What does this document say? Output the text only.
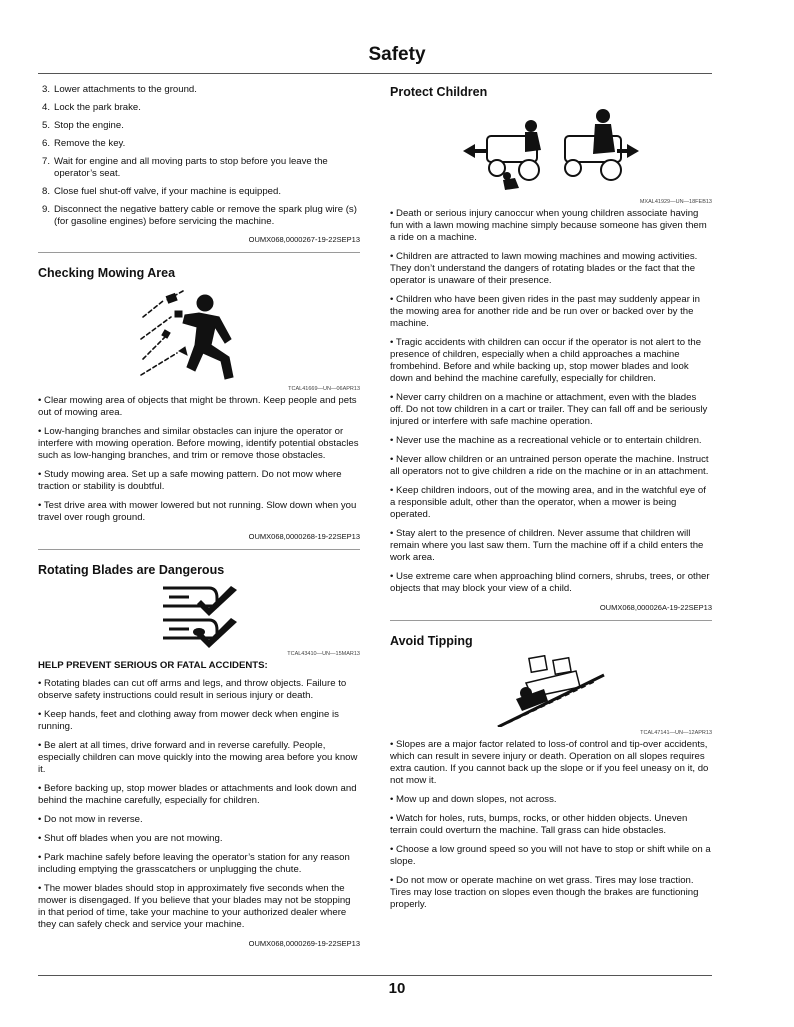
Safety
3. Lower attachments to the ground.
4. Lock the park brake.
5. Stop the engine.
6. Remove the key.
7. Wait for engine and all moving parts to stop before you leave the operator’s seat.
8. Close fuel shut-off valve, if your machine is equipped.
9. Disconnect the negative battery cable or remove the spark plug wire (s) (for gasoline engines) before servicing the machine.
OUMX068,0000267-19-22SEP13
Checking Mowing Area
TCAL41669—UN—06APR13

• Clear mowing area of objects that might be thrown. Keep people and pets out of mowing area.

• Low-hanging branches and similar obstacles can injure the operator or interfere with mowing operation. Before mowing, identify potential obstacles such as low-hanging branches, and trim or remove those obstacles.

• Study mowing area. Set up a safe mowing pattern. Do not mow where traction or stability is doubtful.

• Test drive area with mower lowered but not running. Slow down when you travel over rough ground.

OUMX068,0000268-19-22SEP13
Rotating Blades are Dangerous
TCAL43410—UN—15MAR13
HELP PREVENT SERIOUS OR FATAL ACCIDENTS:

• Rotating blades can cut off arms and legs, and throw objects. Failure to observe safety instructions could result in serious injury or death.

• Keep hands, feet and clothing away from mower deck when engine is running.

• Be alert at all times, drive forward and in reverse carefully. People, especially children can move quickly into the mowing area before you know it.

• Before backing up, stop mower blades or attachments and look down and behind the machine carefully, especially for children.

• Do not mow in reverse.

• Shut off blades when you are not mowing.

• Park machine safely before leaving the operator’s station for any reason including emptying the grasscatchers or unplugging the chute.

• The mower blades should stop in approximately five seconds when the mower is disengaged. If you believe that your blades may not be stopping in that period of time, take your machine to your authorized dealer where they can safely check and service your machine.

OUMX068,0000269-19-22SEP13
Protect Children
MXAL41929—UN—18FEB13

• Death or serious injury canoccur when young children associate having fun with a lawn mowing machine simply because someone has given them a ride on a machine.

• Children are attracted to lawn mowing machines and mowing activities. They don’t understand the dangers of rotating blades or the fact that the operator is unaware of their presence.

• Children who have been given rides in the past may suddenly appear in the mowing area for another ride and be run over or backed over by the machine.

• Tragic accidents with children can occur if the operator is not alert to the presence of children, especially when a child approaches a machine frombehind. Before and while backing up, stop mower blades and look down and behind the machine carefully, especially for children.

• Never carry children on a machine or attachment, even with the blades off. Do not tow children in a cart or trailer. They can fall off and be seriously injured or interfere with safe machine operation.

• Never use the machine as a recreational vehicle or to entertain children.

• Never allow children or an untrained person operate the machine. Instruct all operators not to give children a ride on the machine or in an attachment.

• Keep children indoors, out of the mowing area, and in the watchful eye of a responsible adult, other than the operator, when a mower is being operated.

• Stay alert to the presence of children. Never assume that children will remain where you last saw them. Turn the machine off if a child enters the work area.

• Use extreme care when approaching blind corners, shrubs, trees, or other objects that may block your view of a child.

OUMX068,000026A-19-22SEP13
Avoid Tipping
TCAL47141—UN—12APR13

• Slopes are a major factor related to loss-of control and tip-over accidents, which can result in severe injury or death. Operation on all slopes requires extra caution. If you cannot back up the slope or if you feel uneasy on it, do not mow it.

• Mow up and down slopes, not across.

• Watch for holes, ruts, bumps, rocks, or other hidden objects. Uneven terrain could overturn the machine. Tall grass can hide obstacles.

• Choose a low ground speed so you will not have to stop or shift while on a slope.

• Do not mow or operate machine on wet grass. Tires may lose traction. Tires may lose traction on slopes even though the brakes are functioning properly.

10
